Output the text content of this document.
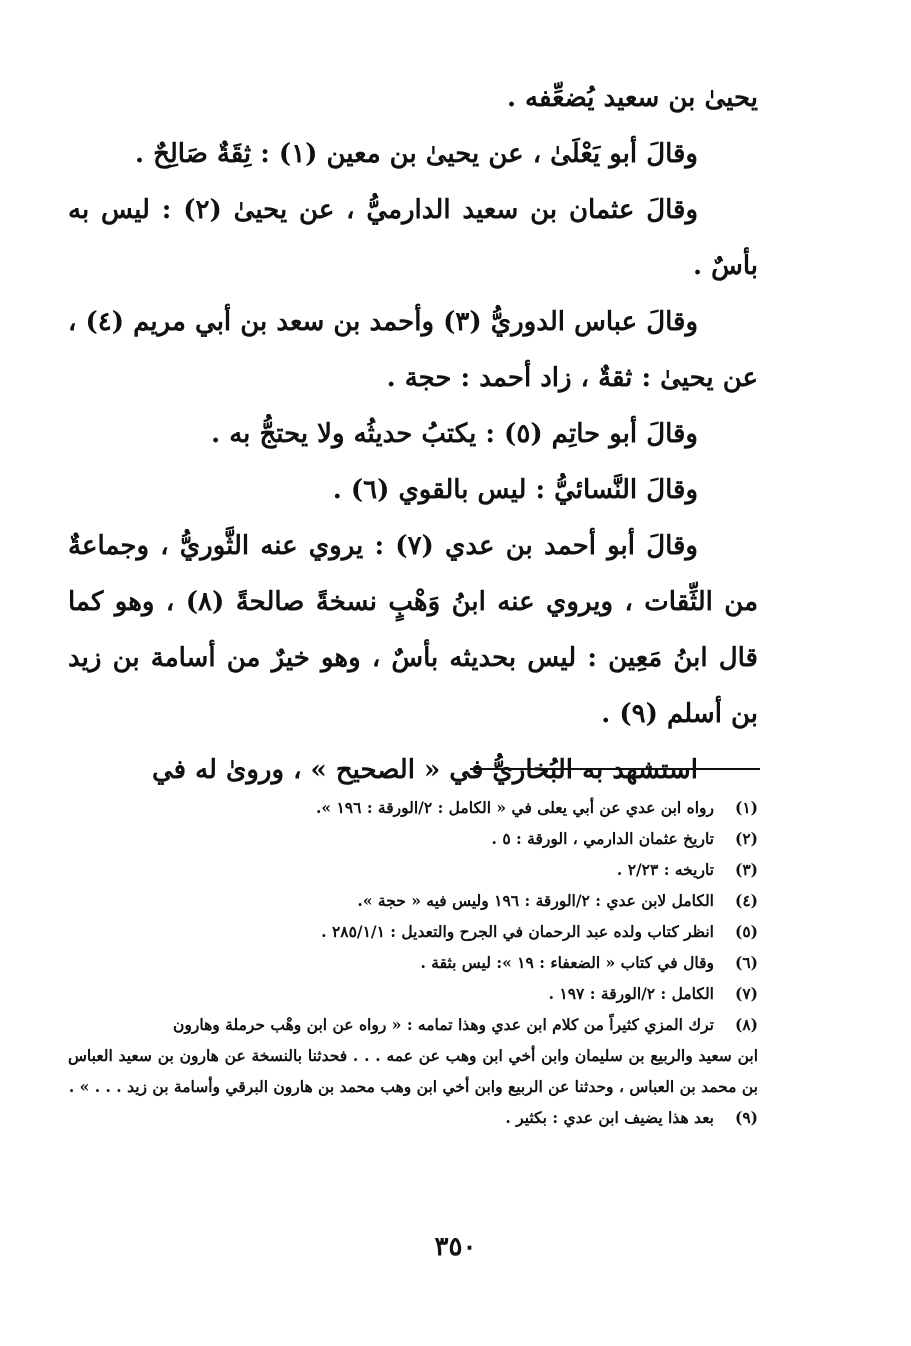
يحيىٰ بن سعيد يُضعِّفه .

وقالَ أبو يَعْلَىٰ ، عن يحيىٰ بن معين (١) : ثِقَةٌ صَالِحٌ .

وقالَ عثمان بن سعيد الدارميُّ ، عن يحيىٰ (٢) : ليس به بأسٌ .

وقالَ عباس الدوريُّ (٣) وأحمد بن سعد بن أبي مريم (٤) ، عن يحيىٰ : ثقةٌ ، زاد أحمد : حجة .

وقالَ أبو حاتِم (٥) : يكتبُ حديثُه ولا يحتجُّ به .

وقالَ النَّسائيُّ : ليس بالقوي (٦) .

وقالَ أبو أحمد بن عدي (٧) : يروي عنه الثَّوريُّ ، وجماعةٌ من الثِّقات ، ويروي عنه ابنُ وَهْبٍ نسخةً صالحةً (٨) ، وهو كما قال ابنُ مَعِين : ليس بحديثه بأسٌ ، وهو خيرٌ من أسامة بن زيد بن أسلم (٩) .

استشهد به البُخاريُّ في « الصحيح » ، وروىٰ له في

(١)رواه ابن عدي عن أبي يعلى في « الكامل : ٢/الورقة : ١٩٦ ».

(٢)تاريخ عثمان الدارمي ، الورقة : ٥ .

(٣)تاريخه : ٢/٢٣ .

(٤)الكامل لابن عدي : ٢/الورقة : ١٩٦ وليس فيه « حجة ».

(٥)انظر كتاب ولده عبد الرحمان في الجرح والتعديل : ٢٨٥/١/١ .

(٦)وقال في كتاب « الضعفاء : ١٩ »: ليس بثقة .

(٧)الكامل : ٢/الورقة : ١٩٧ .

(٨)ترك المزي كثيراً من كلام ابن عدي وهذا تمامه : « رواه عن ابن وهْب حرملة وهارون

ابن سعيد والربيع بن سليمان وابن أخي ابن وهب عن عمه . . . فحدثنا بالنسخة عن هارون بن سعيد العباس بن محمد بن العباس ، وحدثنا عن الربيع وابن أخي ابن وهب محمد بن هارون البرقي وأسامة بن زيد . . . » .

(٩)بعد هذا يضيف ابن عدي : بكثير .

٣٥٠
